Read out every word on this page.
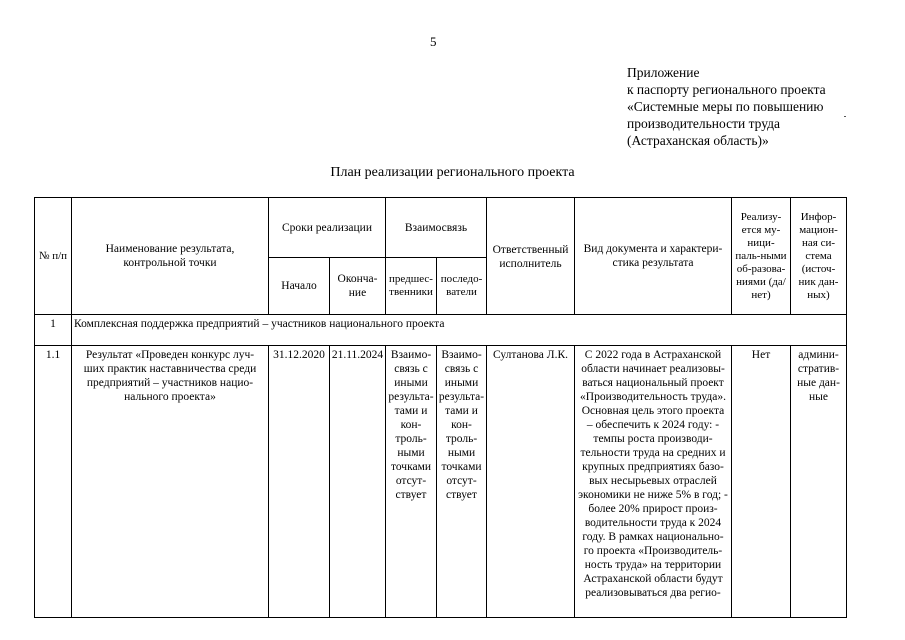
5
Приложение
к паспорту регионального проекта
«Системные меры по повышению
производительности труда
(Астраханская область)»
План реализации регионального проекта
№ п/п	Наименование результата, контрольной точки	Сроки реализации		Взаимосвязь		Ответственный исполнитель	Вид документа и характери-стика результата	Реализу-ется му-ници-паль-ными об-разова-ниями (да/нет)	Инфор-мацион-ная си-стема (источ-ник дан-ных)
		Начало	Оконча-ние	предшес-твенники	последо-ватели				
1	Комплексная поддержка предприятий – участников национального проекта								
1.1	Результат «Проведен конкурс луч-ших практик наставничества среди предприятий – участников нацио-нального проекта»	31.12.2020	21.11.2024	Взаимо-связь с иными результа-тами и кон-троль-ными точками отсут-ствует	Взаимо-связь с иными результа-тами и кон-троль-ными точками отсут-ствует	Султанова Л.К.	С 2022 года в Астраханской области начинает реализовы-ваться национальный проект «Производительность труда». Основная цель этого проекта – обеспечить к 2024 году: - темпы роста производи-тельности труда на средних и крупных предприятиях базо-вых несырьевых отраслей экономики не ниже 5% в год; - более 20% прирост произ-водительности труда к 2024 году. В рамках национально-го проекта «Производитель-ность труда» на территории Астраханской области будут реализовываться два регио-	Нет	админи-стратив-ные дан-ные
